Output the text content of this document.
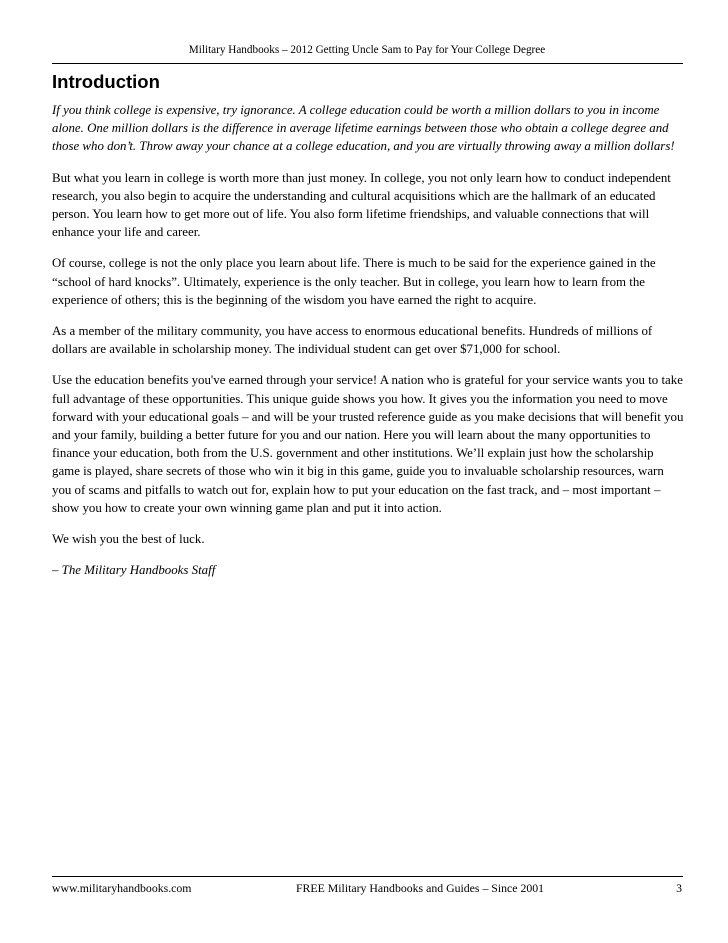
Military Handbooks – 2012 Getting Uncle Sam to Pay for Your College Degree
Introduction

If you think college is expensive, try ignorance. A college education could be worth a million dollars to you in income alone. One million dollars is the difference in average lifetime earnings between those who obtain a college degree and those who don’t. Throw away your chance at a college education, and you are virtually throwing away a million dollars!

But what you learn in college is worth more than just money. In college, you not only learn how to conduct independent research, you also begin to acquire the understanding and cultural acquisitions which are the hallmark of an educated person. You learn how to get more out of life. You also form lifetime friendships, and valuable connections that will enhance your life and career.

Of course, college is not the only place you learn about life. There is much to be said for the experience gained in the “school of hard knocks”. Ultimately, experience is the only teacher. But in college, you learn how to learn from the experience of others; this is the beginning of the wisdom you have earned the right to acquire.

As a member of the military community, you have access to enormous educational benefits. Hundreds of millions of dollars are available in scholarship money. The individual student can get over $71,000 for school.

Use the education benefits you've earned through your service! A nation who is grateful for your service wants you to take full advantage of these opportunities. This unique guide shows you how. It gives you the information you need to move forward with your educational goals – and will be your trusted reference guide as you make decisions that will benefit you and your family, building a better future for you and our nation. Here you will learn about the many opportunities to finance your education, both from the U.S. government and other institutions. We’ll explain just how the scholarship game is played, share secrets of those who win it big in this game, guide you to invaluable scholarship resources, warn you of scams and pitfalls to watch out for, explain how to put your education on the fast track, and – most important – show you how to create your own winning game plan and put it into action.

We wish you the best of luck.

– The Military Handbooks Staff

www.militaryhandbooks.com	FREE Military Handbooks and Guides – Since 2001	3
